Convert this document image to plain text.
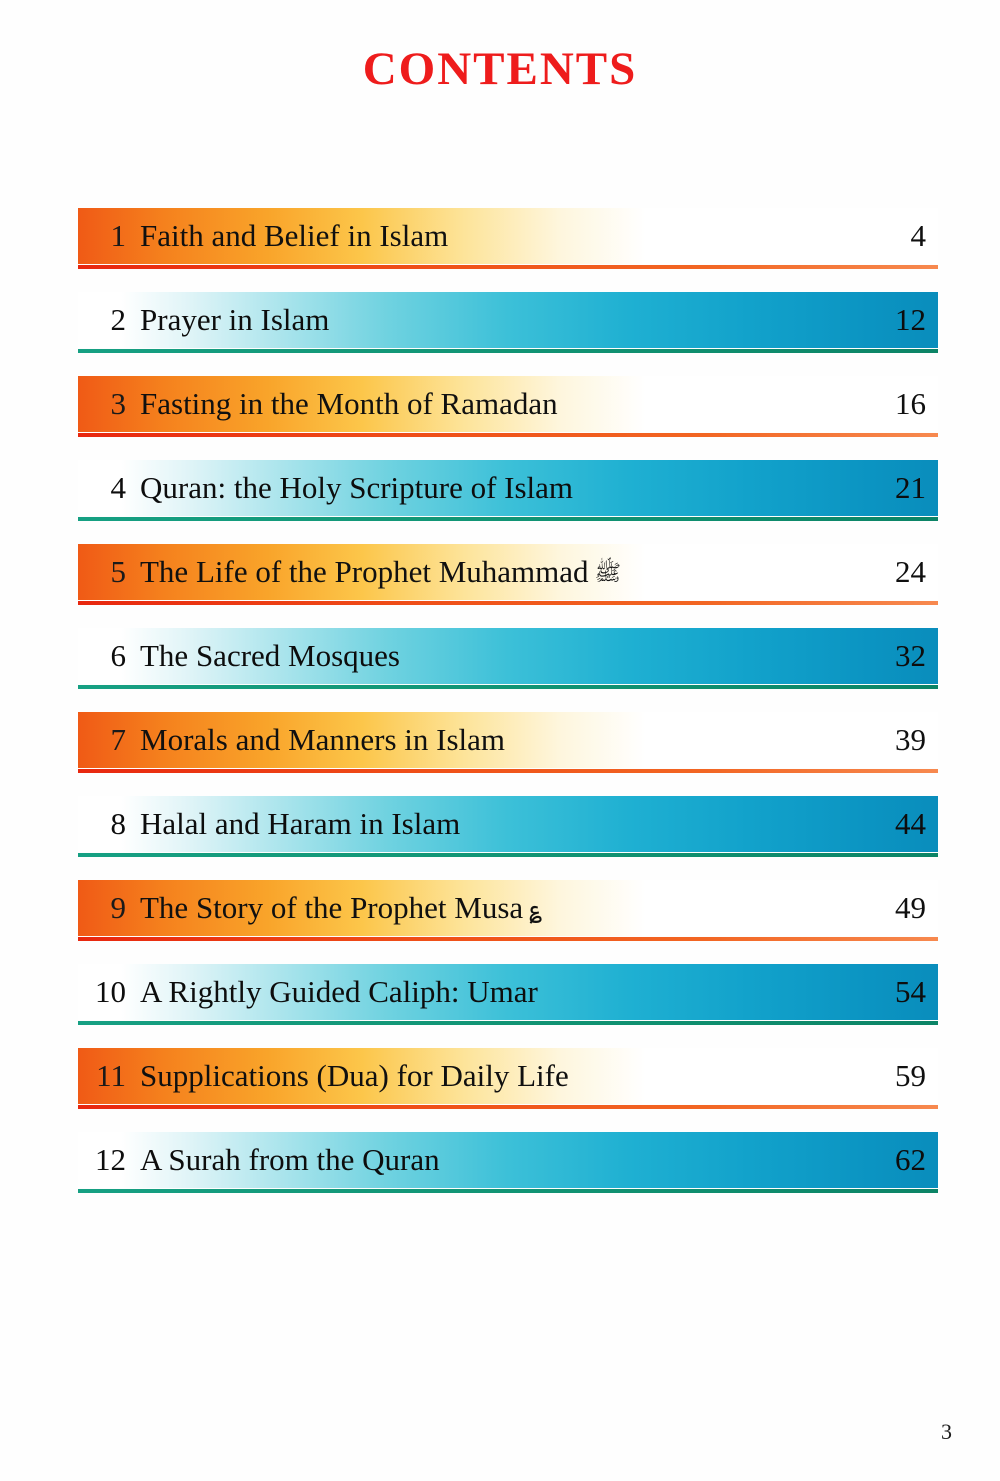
CONTENTS
1 Faith and Belief in Islam	4
2 Prayer in Islam	12
3 Fasting in the Month of Ramadan	16
4 Quran: the Holy Scripture of Islam	21
5 The Life of the Prophet Muhammad ﷺ	24
6 The Sacred Mosques	32
7 Morals and Manners in Islam	39
8 Halal and Haram in Islam	44
9 The Story of the Prophet Musa ؏	49
10 A Rightly Guided Caliph: Umar	54
11 Supplications (Dua) for Daily Life	59
12 A Surah from the Quran	62
3
